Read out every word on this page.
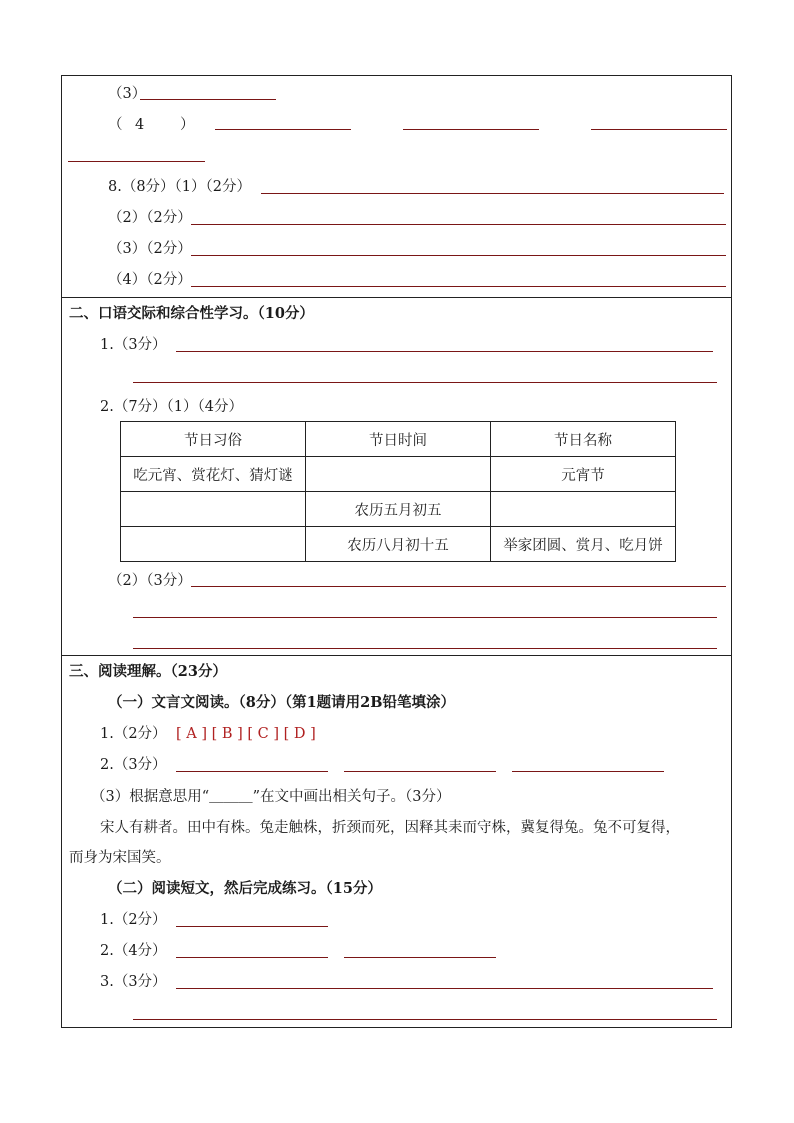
（3）
（ 4 ）
8.（8分）（1）（2分）
（2）（2分）
（3）（2分）
（4）（2分）
二、口语交际和综合性学习。（10分）
1.（3分）
2.（7分）（1）（4分）
节日习俗	节日时间	节日名称
吃元宵、赏花灯、猜灯谜		元宵节
	农历五月初五	
	农历八月初十五	举家团圆、赏月、吃月饼
（2）（3分）
三、阅读理解。（23分）
（一）文言文阅读。（8分）（第1题请用2B铅笔填涂）
1.（2分） [ A ] [ B ] [ C ] [ D ]
2.（3分）
（3）根据意思用“＿＿＿”在文中画出相关句子。（3分）
宋人有耕者。田中有株。兔走触株，折颈而死，因释其耒而守株，冀复得兔。兔不可复得，
而身为宋国笑。
（二）阅读短文，然后完成练习。（15分）
1.（2分）
2.（4分）
3.（3分）
